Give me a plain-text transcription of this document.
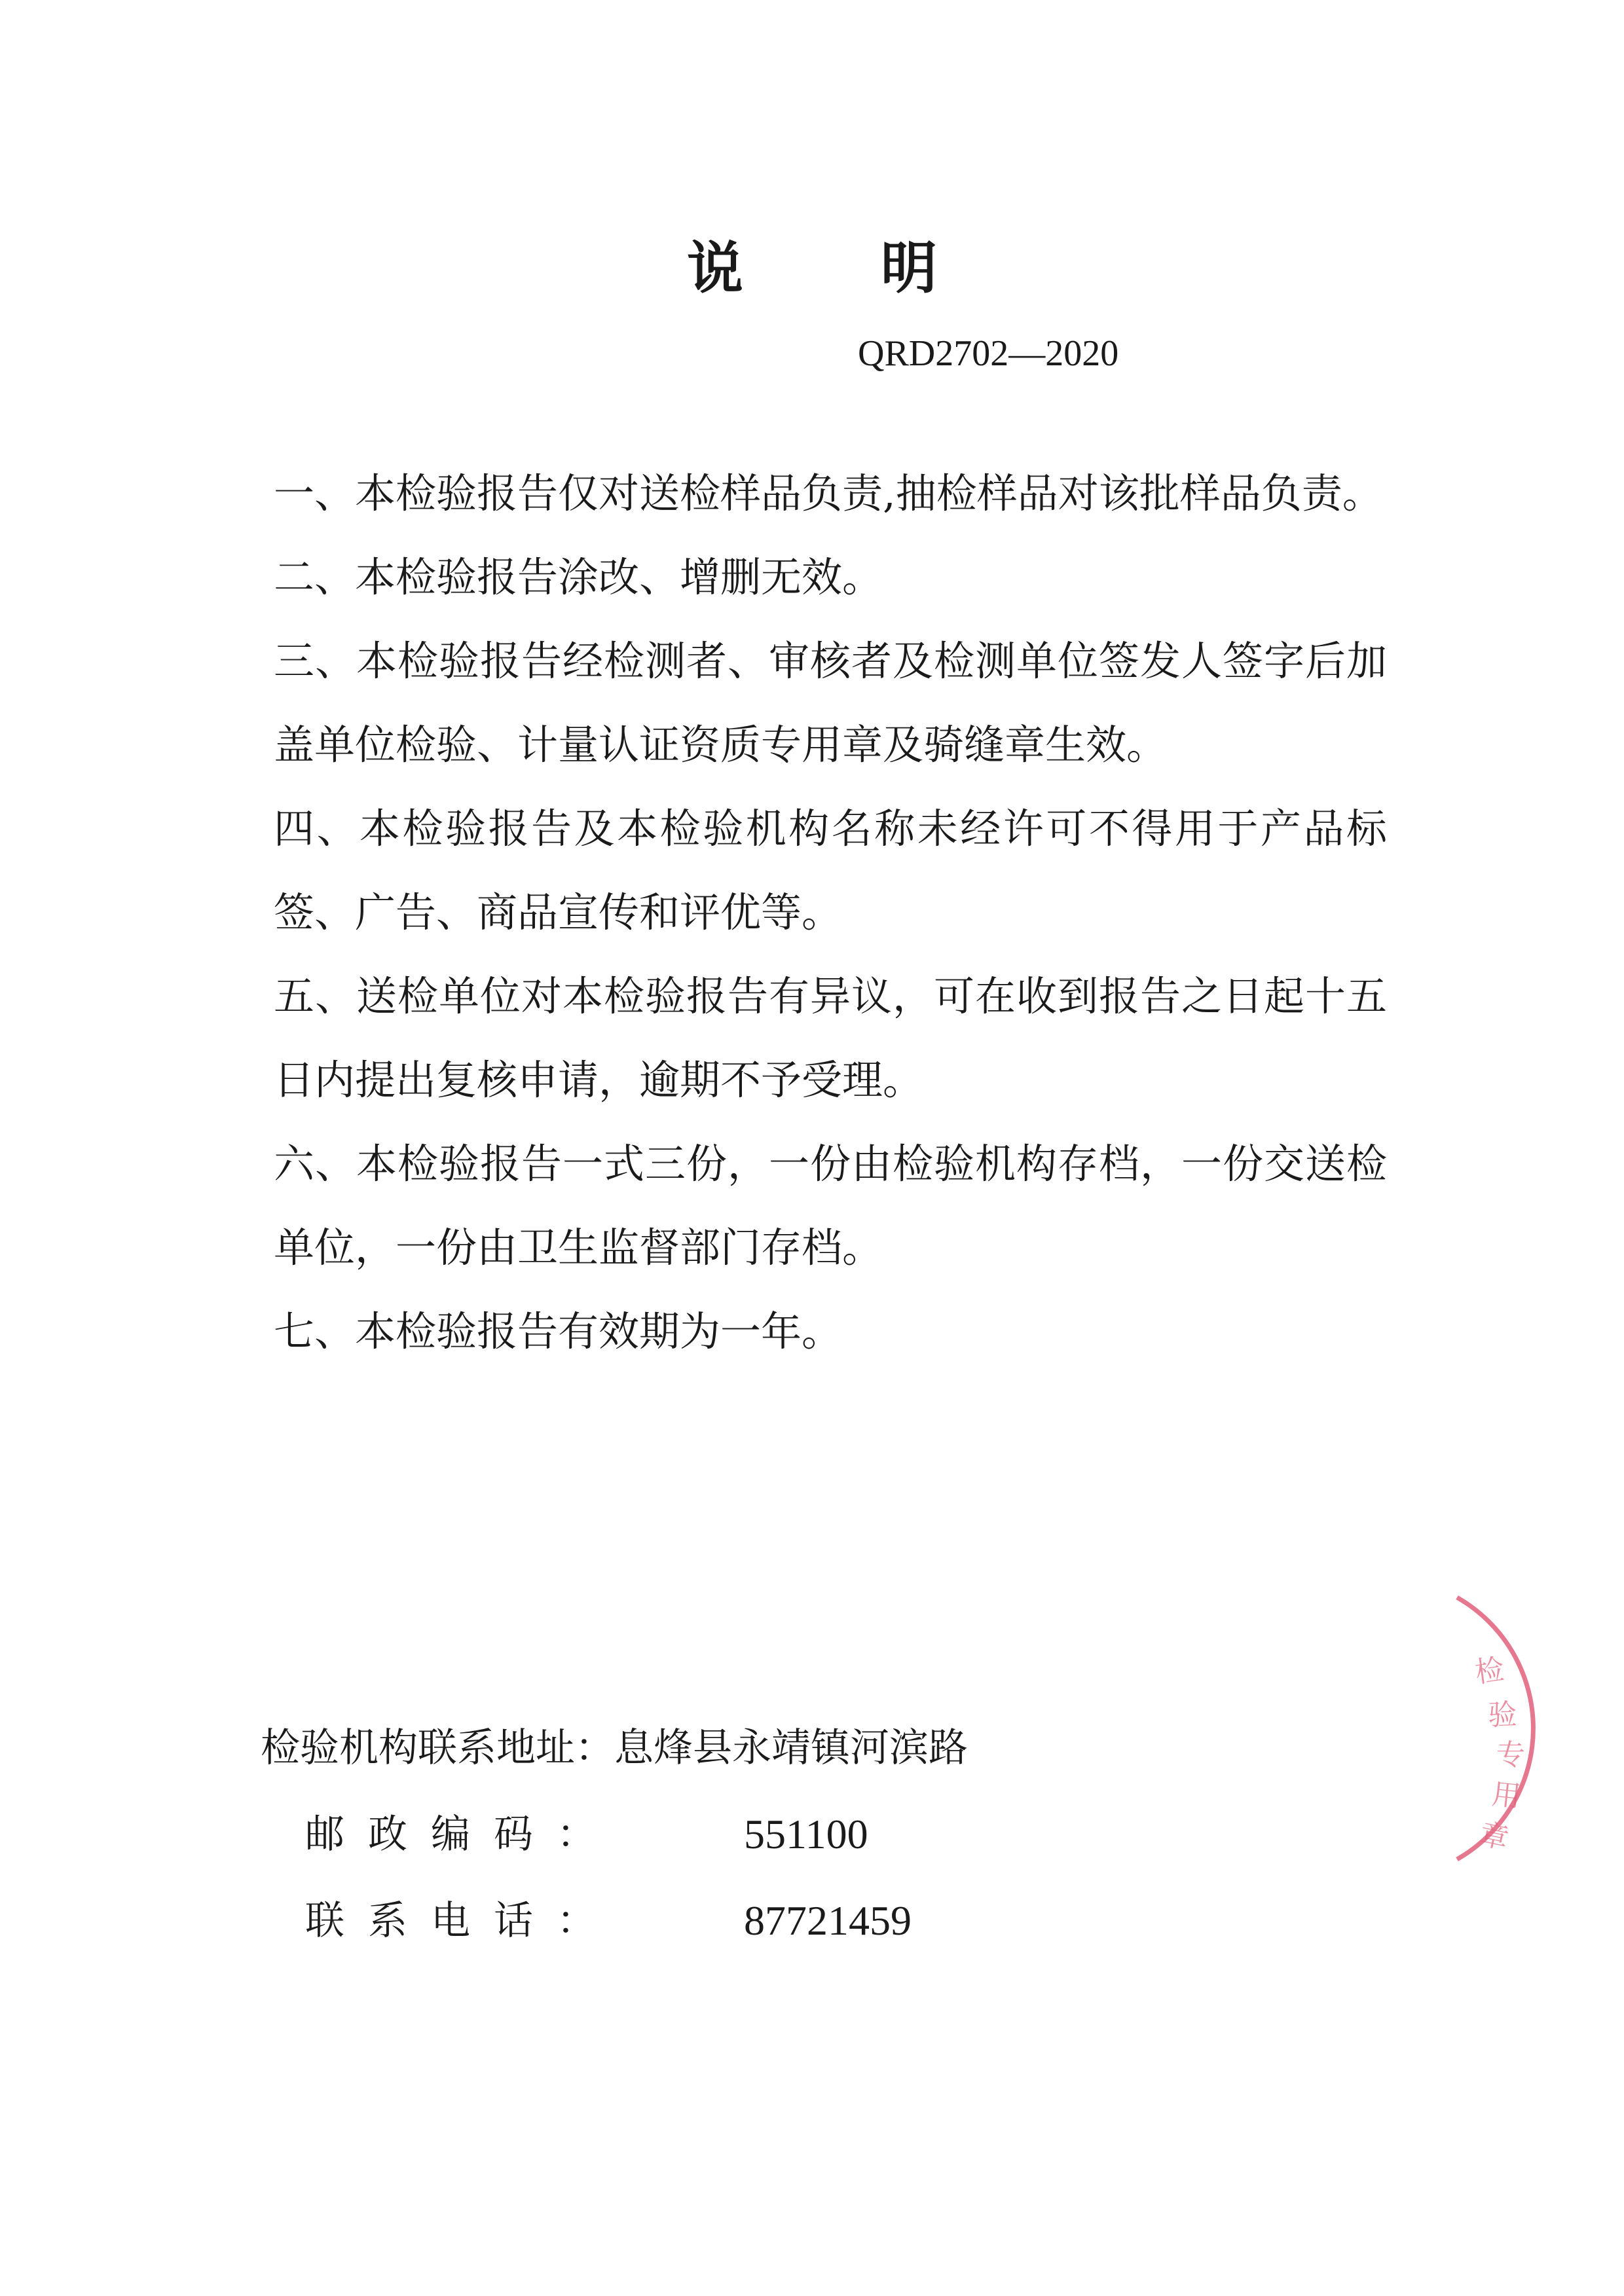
说 明
QRD2702—2020
一、本检验报告仅对送检样品负责,抽检样品对该批样品负责。
二、本检验报告涂改、增删无效。
三、本检验报告经检测者、审核者及检测单位签发人签字后加盖单位检验、计量认证资质专用章及骑缝章生效。
四、本检验报告及本检验机构名称未经许可不得用于产品标签、广告、商品宣传和评优等。
五、送检单位对本检验报告有异议，可在收到报告之日起十五日内提出复核申请，逾期不予受理。
六、本检验报告一式三份，一份由检验机构存档，一份交送检单位，一份由卫生监督部门存档。
七、本检验报告有效期为一年。
检验机构联系地址：息烽县永靖镇河滨路
邮政编码：	551100
联系电话：	87721459
检
验
专
用
章
